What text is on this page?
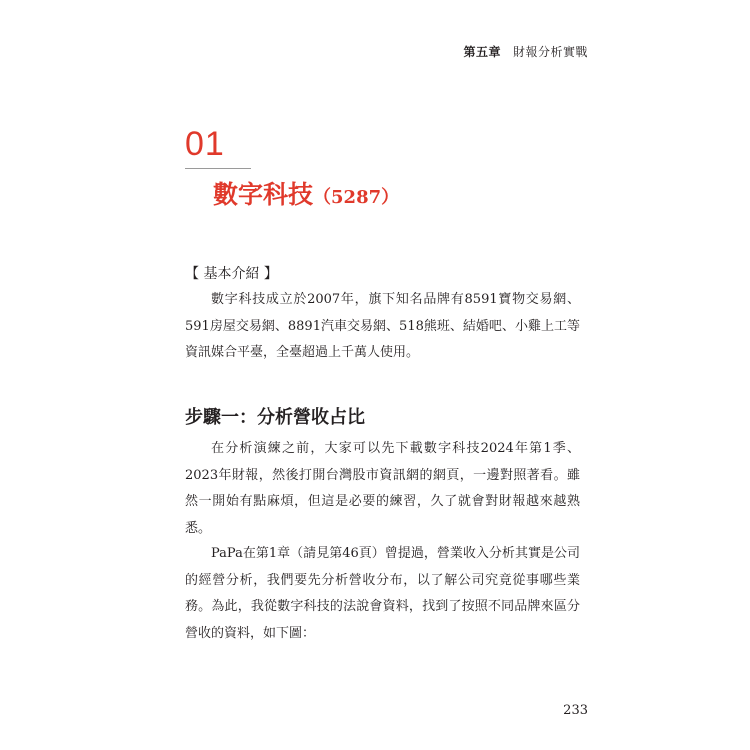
第五章 財報分析實戰
01
數字科技（5287）
【 基本介紹 】

數字科技成立於2007年，旗下知名品牌有8591寶物交易網、591房屋交易網、8891汽車交易網、518熊班、結婚吧、小雞上工等資訊媒合平臺，全臺超過上千萬人使用。

步驟一：分析營收占比

在分析演練之前，大家可以先下載數字科技2024年第1季、2023年財報，然後打開台灣股市資訊網的網頁，一邊對照著看。雖然一開始有點麻煩，但這是必要的練習，久了就會對財報越來越熟悉。

PaPa在第1章（請見第46頁）曾提過，營業收入分析其實是公司的經營分析，我們要先分析營收分布，以了解公司究竟從事哪些業務。為此，我從數字科技的法說會資料，找到了按照不同品牌來區分營收的資料，如下圖：

233
